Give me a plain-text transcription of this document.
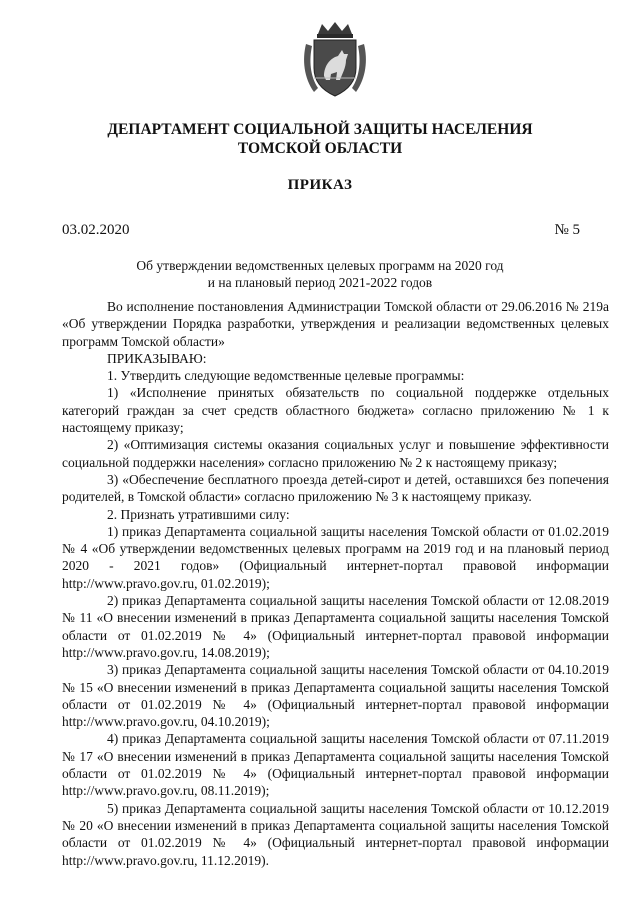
ДЕПАРТАМЕНТ СОЦИАЛЬНОЙ ЗАЩИТЫ НАСЕЛЕНИЯ
ТОМСКОЙ ОБЛАСТИ
ПРИКАЗ
03.02.2020	№ 5
Об утверждении ведомственных целевых программ на 2020 год
и на плановый период 2021-2022 годов

Во исполнение постановления Администрации Томской области от 29.06.2016 № 219а «Об утверждении Порядка разработки, утверждения и реализации ведомственных целевых программ Томской области»

ПРИКАЗЫВАЮ:

1. Утвердить следующие ведомственные целевые программы:

1) «Исполнение принятых обязательств по социальной поддержке отдельных категорий граждан за счет средств областного бюджета» согласно приложению № 1 к настоящему приказу;

2) «Оптимизация системы оказания социальных услуг и повышение эффективности социальной поддержки населения» согласно приложению № 2 к настоящему приказу;

3) «Обеспечение бесплатного проезда детей-сирот и детей, оставшихся без попечения родителей, в Томской области» согласно приложению № 3 к настоящему приказу.

2. Признать утратившими силу:

1) приказ Департамента социальной защиты населения Томской области от 01.02.2019 № 4 «Об утверждении ведомственных целевых программ на 2019 год и на плановый период 2020 - 2021 годов» (Официальный интернет-портал правовой информации http://www.pravo.gov.ru, 01.02.2019);

2) приказ Департамента социальной защиты населения Томской области от 12.08.2019 № 11 «О внесении изменений в приказ Департамента социальной защиты населения Томской области от 01.02.2019 № 4» (Официальный интернет-портал правовой информации http://www.pravo.gov.ru, 14.08.2019);

3) приказ Департамента социальной защиты населения Томской области от 04.10.2019 № 15 «О внесении изменений в приказ Департамента социальной защиты населения Томской области от 01.02.2019 № 4» (Официальный интернет-портал правовой информации http://www.pravo.gov.ru, 04.10.2019);

4) приказ Департамента социальной защиты населения Томской области от 07.11.2019 № 17 «О внесении изменений в приказ Департамента социальной защиты населения Томской области от 01.02.2019 № 4» (Официальный интернет-портал правовой информации http://www.pravo.gov.ru, 08.11.2019);

5) приказ Департамента социальной защиты населения Томской области от 10.12.2019 № 20 «О внесении изменений в приказ Департамента социальной защиты населения Томской области от 01.02.2019 № 4» (Официальный интернет-портал правовой информации http://www.pravo.gov.ru, 11.12.2019).
